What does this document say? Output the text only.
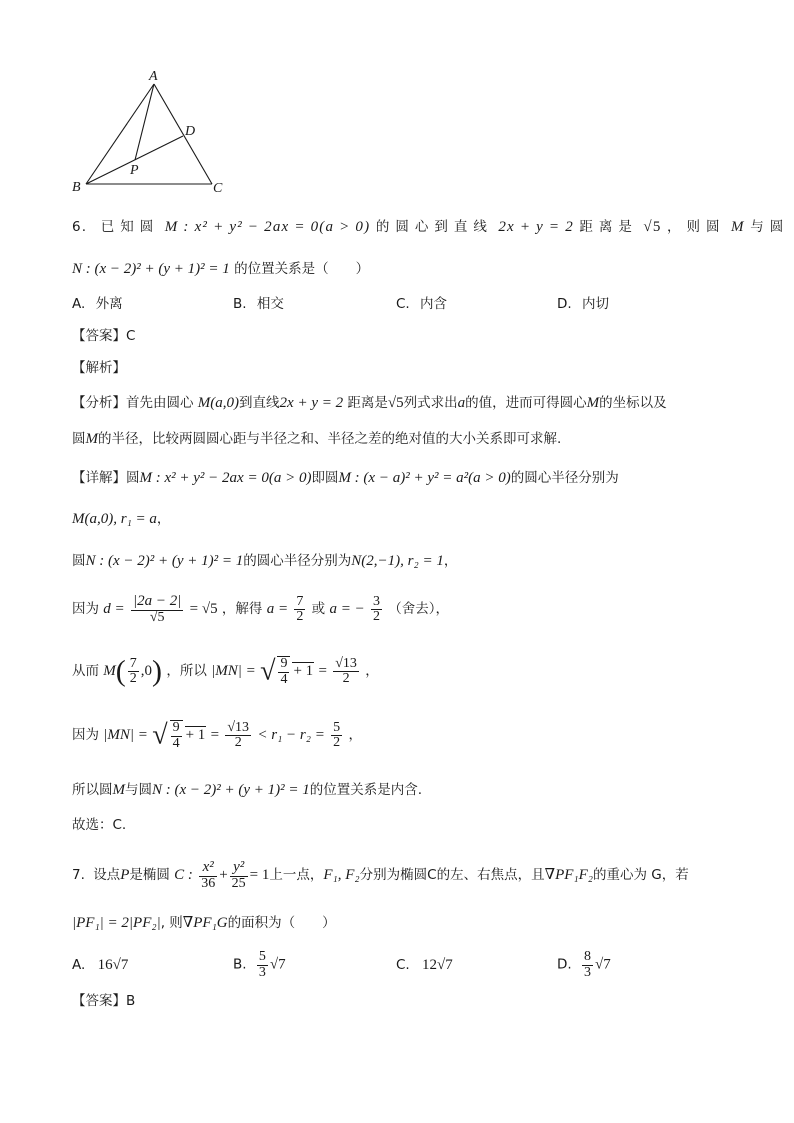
A
D
P
B	C
6. 已知圆 M : x² + y² − 2ax = 0(a > 0) 的圆心到直线 2x + y = 2 距离是 √5 ，则圆 M 与圆
N : (x − 2)² + (y + 1)² = 1 的位置关系是（　　）
A. 外离	B. 相交	C. 内含	D. 内切
【答案】C
【解析】
【分析】首先由圆心 M(a,0)到直线2x + y = 2 距离是√5列式求出a的值，进而可得圆心M的坐标以及
圆M的半径，比较两圆圆心距与半径之和、半径之差的绝对值的大小关系即可求解.
【详解】圆M : x² + y² − 2ax = 0(a > 0)即圆M : (x − a)² + y² = a²(a > 0)的圆心半径分别为
M(a,0), r₁ = a，
圆N : (x − 2)² + (y + 1)² = 1的圆心半径分别为N(2,−1), r₂ = 1，
因为 $d = \frac{|2a - 2|}{√5} = √5$ ，解得 $a = \frac{7}{2}$ 或 a = − $\frac{3}{2}$ （舍去），
从而 $M( \frac{7}{2} ,0)$ ，所以 |MN| = √ $\frac{9}{4} + 1 = \frac{√13}{2}$ ，
因为 |MN| = √ $\frac{9}{4} + 1 = \frac{√13}{2} < r_1 - r_2 = \frac{5}{2}$ ，
所以圆M与圆N : (x − 2)² + (y + 1)² = 1的位置关系是内含.
故选：C.
7. 设点P是椭圆 C : $\frac{\text{x²}}{36} + \frac{\text{y²}}{25} = 1$上一点，F₁, F₂分别为椭圆C的左、右焦点，且∇PF₁F₂的重心为 G，若
|PF₁| = 2|PF₂|, 则∇PF₁G的面积为（　　）
A. 16√7	B. $\frac{5}{3} √7$	C. 12√7	D. $\frac{8}{3} √7$
【答案】B
